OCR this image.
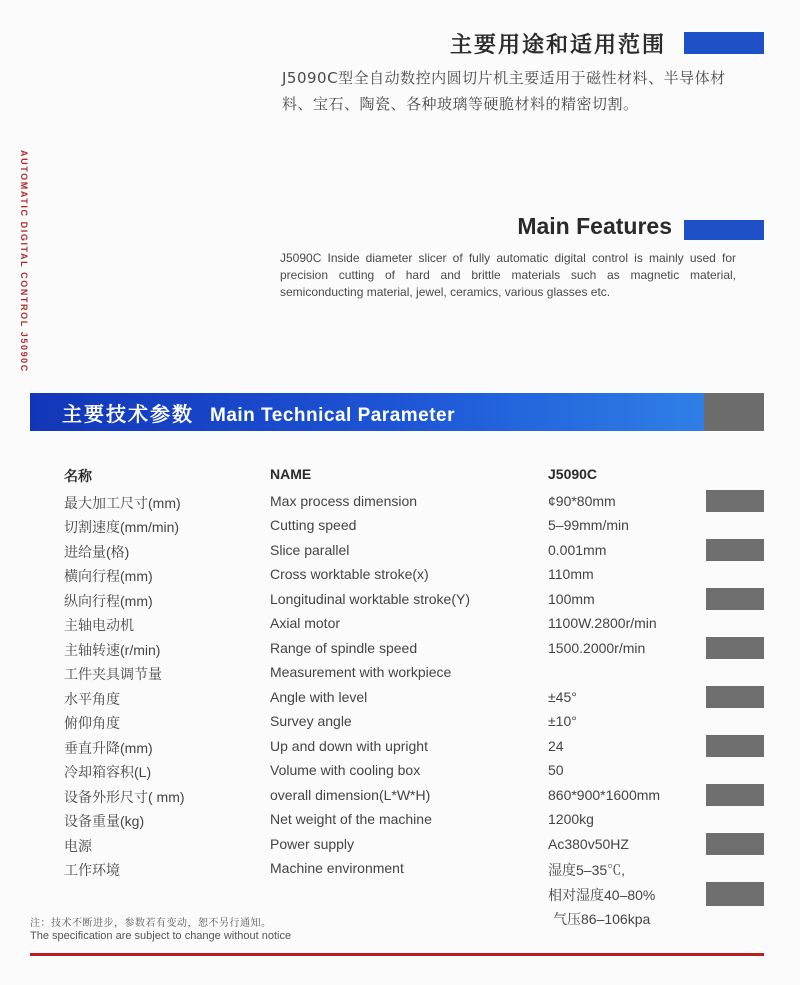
主要用途和适用范围
J5090C型全自动数控内圆切片机主要适用于磁性材料、半导体材料、宝石、陶瓷、各种玻璃等硬脆材料的精密切割。
AUTOMATIC DIGITAL CONTROL J5090C	Main Features
J5090C Inside diameter slicer of fully automatic digital control is mainly used for precision cutting of hard and brittle materials such as magnetic material, semiconducting material, jewel, ceramics, various glasses etc.
主要技术参数 Main Technical Parameter
名称	NAME	J5090C
最大加工尺寸(mm)	Max process dimension	¢90*80mm
切割速度(mm/min)	Cutting speed	5–99mm/min
进给量(格)	Slice parallel	0.001mm
横向行程(mm)	Cross worktable stroke(x)	110mm
纵向行程(mm)	Longitudinal worktable stroke(Y)	100mm
主轴电动机	Axial motor	1100W.2800r/min
主轴转速(r/min)	Range of spindle speed	1500.2000r/min
工件夹具调节量	Measurement with workpiece
水平角度	Angle with level	±45°
俯仰角度	Survey angle	±10°
垂直升降(mm)	Up and down with upright	24
冷却箱容积(L)	Volume with cooling box	50
设备外形尺寸( mm)	overall dimension(L*W*H)	860*900*1600mm
设备重量(kg)	Net weight of the machine	1200kg
电源	Power supply	Ac380v50HZ
工作环境	Machine environment	湿度5–35℃,
相对湿度40–80%
气压86–106kpa
注：技术不断进步，参数若有变动，恕不另行通知。
The specification are subject to change without notice
